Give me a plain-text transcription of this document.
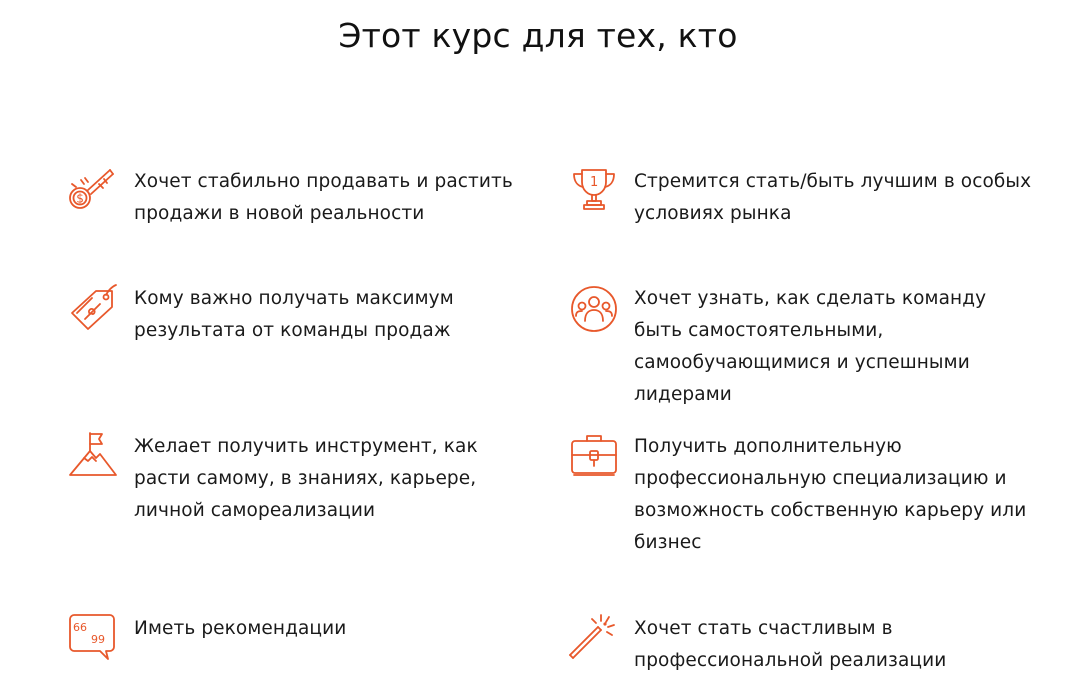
Этот курс для тех, кто
$

Хочет стабильно продавать и растить продажи в новой реальности

1 Стремится стать/быть лучшим в особых условиях рынка

Кому важно получать максимум результата от команды продаж

Хочет узнать, как сделать команду быть самостоятельными, самообучающимися и успешными лидерами

Желает получить инструмент, как расти самому, в знаниях, карьере, личной самореализации

Получить дополнительную профессиональную специализацию и возможность собственную карьеру или бизнес

66
99

Иметь рекомендации	Хочет стать счастливым в профессиональной реализации
